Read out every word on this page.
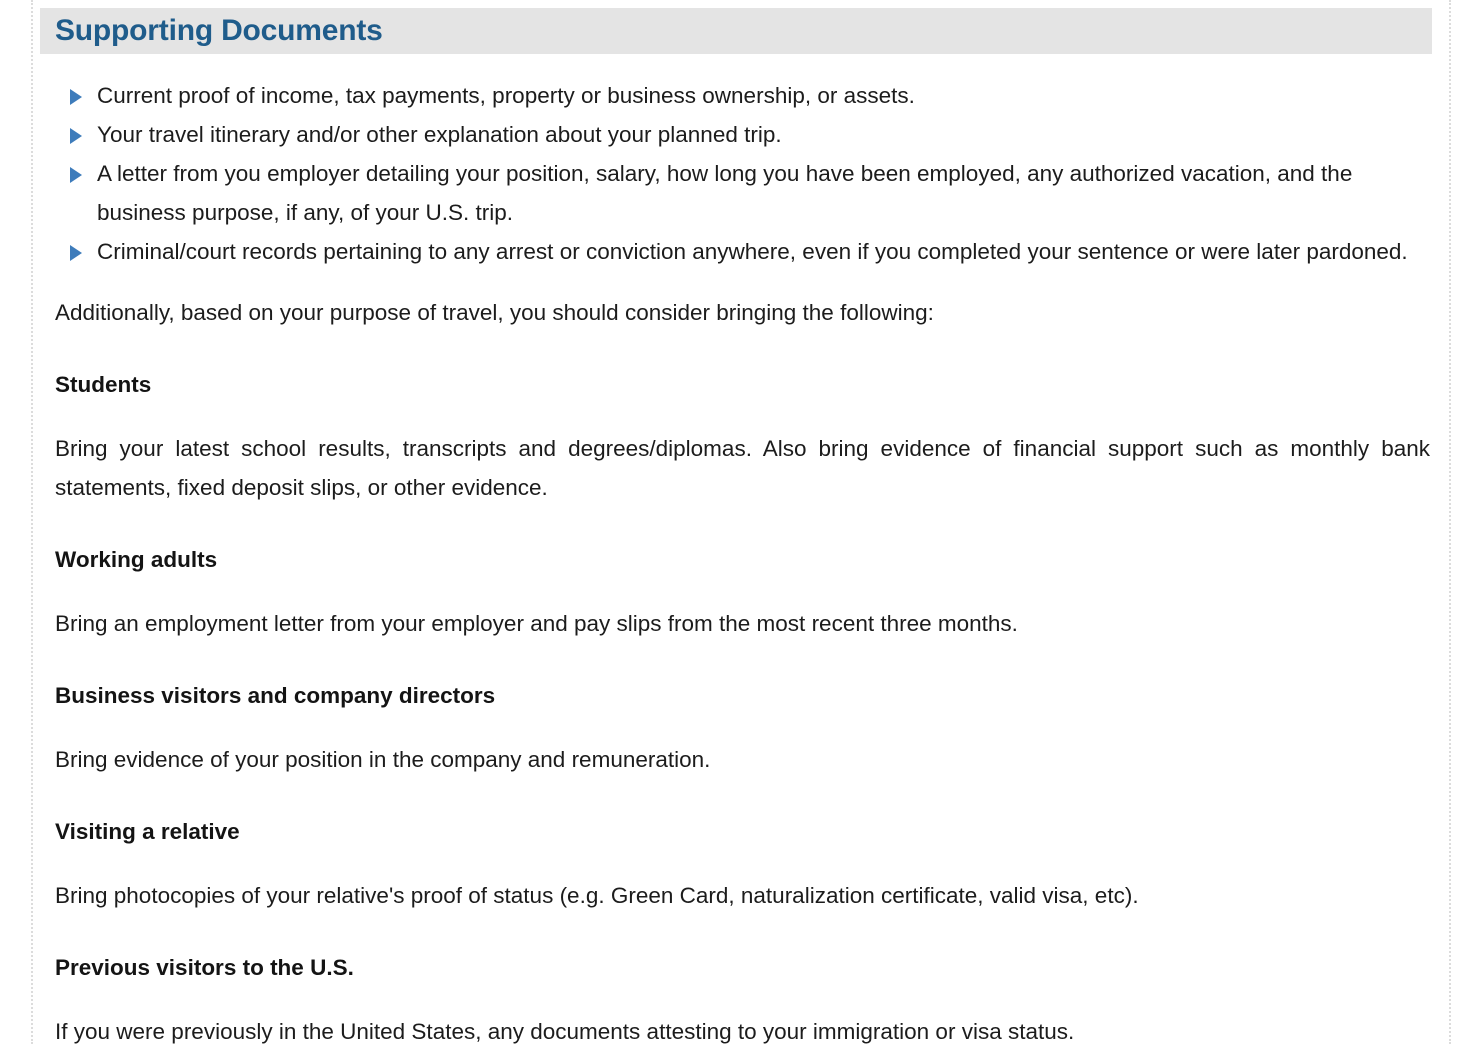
Supporting Documents
Current proof of income, tax payments, property or business ownership, or assets.
Your travel itinerary and/or other explanation about your planned trip.
A letter from you employer detailing your position, salary, how long you have been employed, any authorized vacation, and the business purpose, if any, of your U.S. trip.
Criminal/court records pertaining to any arrest or conviction anywhere, even if you completed your sentence or were later pardoned.

Additionally, based on your purpose of travel, you should consider bringing the following:

Students

Bring your latest school results, transcripts and degrees/diplomas. Also bring evidence of financial support such as monthly bank statements, fixed deposit slips, or other evidence.

Working adults

Bring an employment letter from your employer and pay slips from the most recent three months.

Business visitors and company directors

Bring evidence of your position in the company and remuneration.

Visiting a relative

Bring photocopies of your relative's proof of status (e.g. Green Card, naturalization certificate, valid visa, etc).

Previous visitors to the U.S.

If you were previously in the United States, any documents attesting to your immigration or visa status.
